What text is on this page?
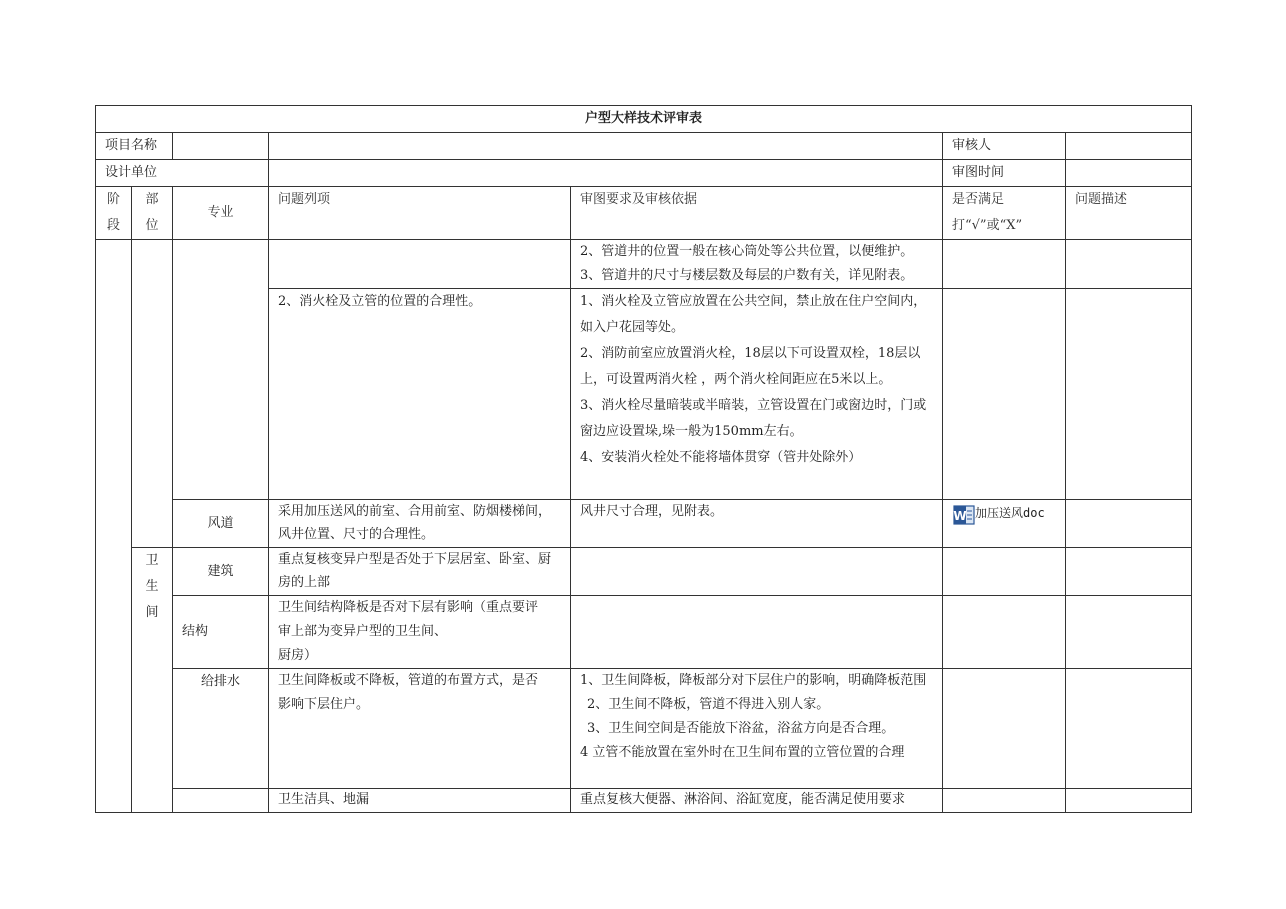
户型大样技术评审表						
项目名称					审核人	
设计单位					审图时间	

阶
段	部
位	专业	问题列项	审图要求及审核依据	是否满足
打“√”或“X”	问题描述

				2、管道井的位置一般在核心筒处等公共位置，以便维护。
3、管道井的尺寸与楼层数及每层的户数有关，详见附表。		

			2、消火栓及立管的位置的合理性。	1、消火栓及立管应放置在公共空间，禁止放在住户空间内，
如入户花园等处。
2、消防前室应放置消火栓，18层以下可设置双栓，18层以上，可设置两消火栓 ，两个消火栓间距应在5米以上。
3、消火栓尽量暗装或半暗装，立管设置在门或窗边时，门或窗边应设置垛,垛一般为150mm左右。
4、安装消火栓处不能将墙体贯穿（管井处除外）		

		风道	采用加压送风的前室、合用前室、防烟楼梯间，
风井位置、尺寸的合理性。	风井尺寸合理，见附表。	W 加压送风doc	

	卫
生
间	建筑	重点复核变异户型是否处于下层居室、卧室、厨
房的上部			

		结构	卫生间结构降板是否对下层有影响（重点要评
审上部为变异户型的卫生间、
厨房）			

		给排水	卫生间降板或不降板，管道的布置方式，是否
影响下层住户。	1、卫生间降板，降板部分对下层住户的影响，明确降板范围
2、卫生间不降板，管道不得进入别人家。
3、卫生间空间是否能放下浴盆，浴盆方向是否合理。
4 立管不能放置在室外时在卫生间布置的立管位置的合理		

			卫生洁具、地漏	重点复核大便器、淋浴间、浴缸宽度，能否满足使用要求		
